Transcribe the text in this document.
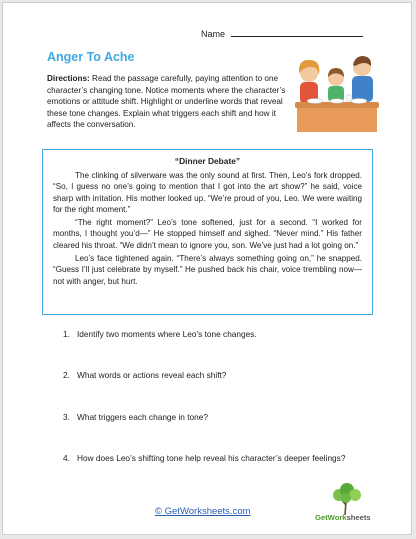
Name
Anger To Ache
Directions: Read the passage carefully, paying attention to one character’s changing tone. Notice moments where the character’s emotions or attitude shift. Highlight or underline words that reveal these tone changes. Explain what triggers each shift and how it affects the conversation.
“Dinner Debate”

The clinking of silverware was the only sound at first. Then, Leo’s fork dropped. “So, I guess no one’s going to mention that I got into the art show?” he said, voice sharp with irritation. His mother looked up. “We’re proud of you, Leo. We were waiting for the right moment.”

“The right moment?” Leo’s tone softened, just for a second. “I worked for months, I thought you’d—” He stopped himself and sighed. “Never mind.” His father cleared his throat. “We didn’t mean to ignore you, son. We’ve just had a lot going on.”

Leo’s face tightened again. “There’s always something going on,” he snapped. “Guess I’ll just celebrate by myself.” He pushed back his chair, voice trembling now—not with anger, but hurt.

1. Identify two moments where Leo’s tone changes.
2. What words or actions reveal each shift?
3. What triggers each change in tone?
4. How does Leo’s shifting tone help reveal his character’s deeper feelings?
© GetWorksheets.com
GetWorksheets
